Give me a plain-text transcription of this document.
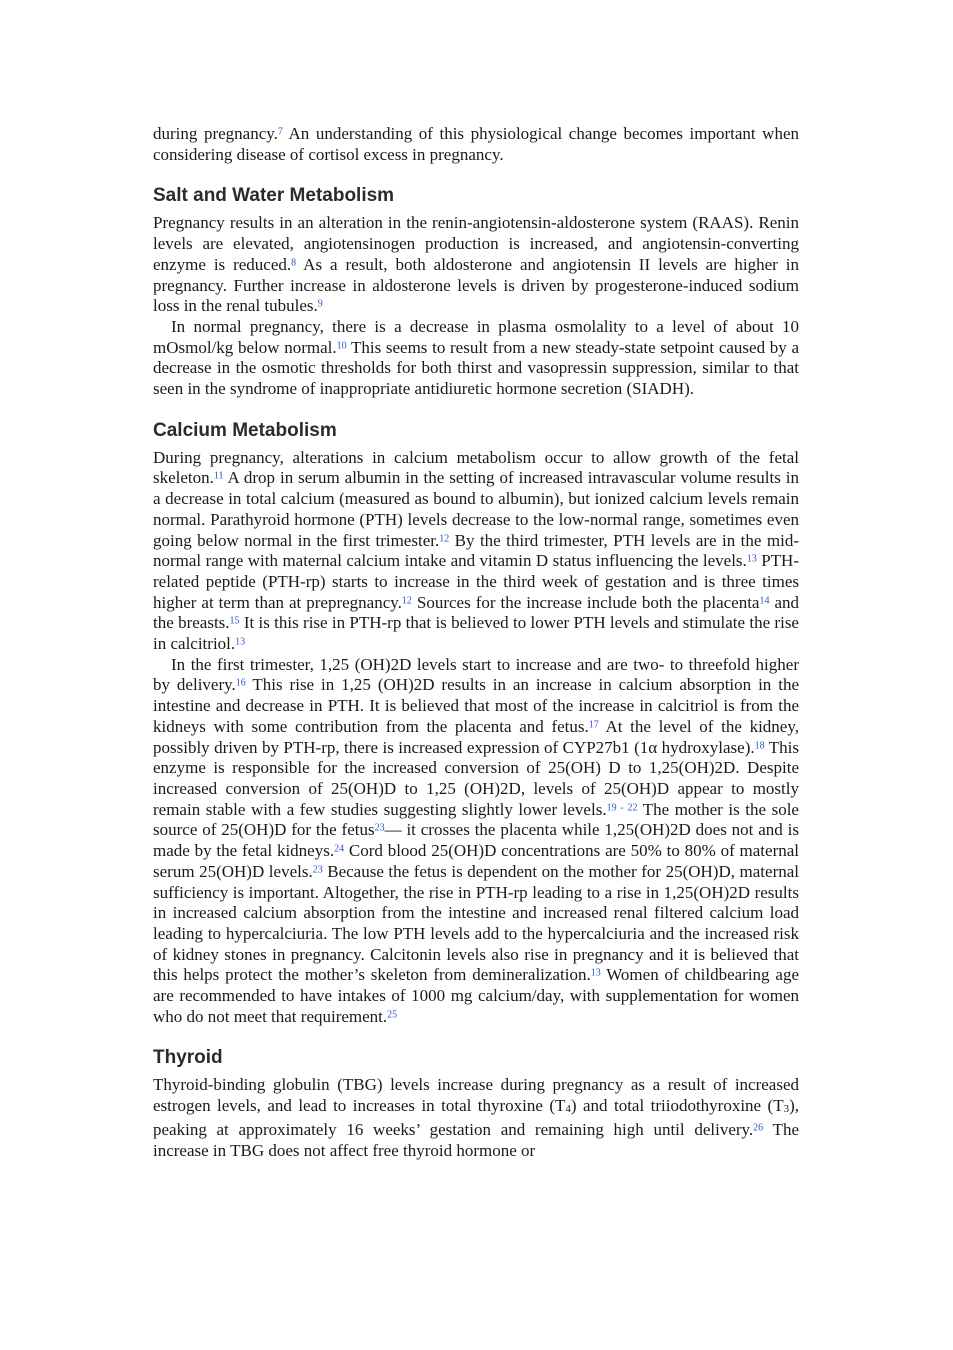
during pregnancy.$^7$ An understanding of this physiological change becomes important when considering disease of cortisol excess in pregnancy.

Salt and Water Metabolism

Pregnancy results in an alteration in the renin-angiotensin-aldosterone system (RAAS). Renin levels are elevated, angiotensinogen production is increased, and angiotensin-converting enzyme is reduced.$^8$ As a result, both aldosterone and angiotensin II levels are higher in pregnancy. Further increase in aldosterone levels is driven by progesterone-induced sodium loss in the renal tubules.$^9$

In normal pregnancy, there is a decrease in plasma osmolality to a level of about 10 mOsmol/kg below normal.$^{10}$ This seems to result from a new steady-state setpoint caused by a decrease in the osmotic thresholds for both thirst and vasopressin suppression, similar to that seen in the syndrome of inappropriate antidiuretic hormone secretion (SIADH).

Calcium Metabolism

During pregnancy, alterations in calcium metabolism occur to allow growth of the fetal skeleton.$^{11}$ A drop in serum albumin in the setting of increased intravascular volume results in a decrease in total calcium (measured as bound to albumin), but ionized calcium levels remain normal. Parathyroid hormone (PTH) levels decrease to the low-normal range, sometimes even going below normal in the first trimester.$^{12}$ By the third trimester, PTH levels are in the mid-normal range with maternal calcium intake and vitamin D status influencing the levels.$^{13}$ PTH-related peptide (PTH-rp) starts to increase in the third week of gestation and is three times higher at term than at prepregnancy.$^{12}$ Sources for the increase include both the placenta$^{14}$ and the breasts.$^{15}$ It is this rise in PTH-rp that is believed to lower PTH levels and stimulate the rise in calcitriol.$^{13}$

In the first trimester, 1,25 (OH)2D levels start to increase and are two- to threefold higher by delivery.$^{16}$ This rise in 1,25 (OH)2D results in an increase in calcium absorption in the intestine and decrease in PTH. It is believed that most of the increase in calcitriol is from the kidneys with some contribution from the placenta and fetus.$^{17}$ At the level of the kidney, possibly driven by PTH-rp, there is increased expression of CYP27b1 (1α hydroxylase).$^{18}$ This enzyme is responsible for the increased conversion of 25(OH) D to 1,25(OH)2D. Despite increased conversion of 25(OH)D to 1,25 (OH)2D, levels of 25(OH)D appear to mostly remain stable with a few studies suggesting slightly lower levels.$^{19 - 22}$ The mother is the sole source of 25(OH)D for the fetus$^{23}$— it crosses the placenta while 1,25(OH)2D does not and is made by the fetal kidneys.$^{24}$ Cord blood 25(OH)D concentrations are 50% to 80% of maternal serum 25(OH)D levels.$^{23}$ Because the fetus is dependent on the mother for 25(OH)D, maternal sufficiency is important. Altogether, the rise in PTH-rp leading to a rise in 1,25(OH)2D results in increased calcium absorption from the intestine and increased renal filtered calcium load leading to hypercalciuria. The low PTH levels add to the hypercalciuria and the increased risk of kidney stones in pregnancy. Calcitonin levels also rise in pregnancy and it is believed that this helps protect the mother’s skeleton from demineralization.$^{13}$ Women of childbearing age are recommended to have intakes of 1000 mg calcium/day, with supplementation for women who do not meet that requirement.$^{25}$

Thyroid

Thyroid-binding globulin (TBG) levels increase during pregnancy as a result of increased estrogen levels, and lead to increases in total thyroxine (T4) and total triiodothyroxine (T3), peaking at approximately 16 weeks’ gestation and remaining high until delivery.$^{26}$ The increase in TBG does not affect free thyroid hormone or
